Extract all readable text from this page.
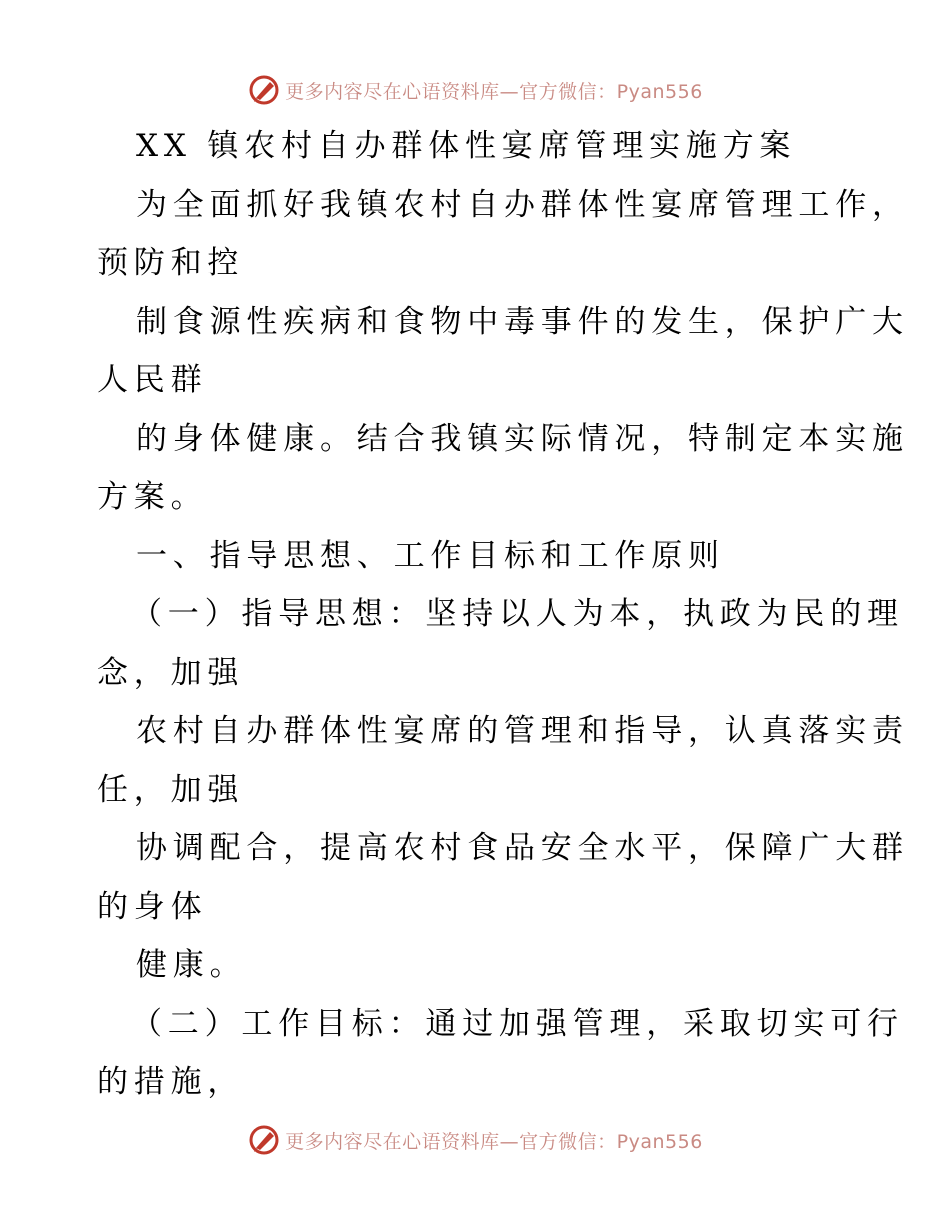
更多内容尽在心语资料库—官方微信：Pyan556
XX 镇农村自办群体性宴席管理实施方案
为全面抓好我镇农村自办群体性宴席管理工作，
预防和控
制食源性疾病和食物中毒事件的发生，保护广大
人民群
的身体健康。结合我镇实际情况，特制定本实施
方案。
一、指导思想、工作目标和工作原则
（一）指导思想：坚持以人为本，执政为民的理
念，加强
农村自办群体性宴席的管理和指导，认真落实责
任，加强
协调配合，提高农村食品安全水平，保障广大群
的身体
健康。
（二）工作目标：通过加强管理，采取切实可行
的措施，
更多内容尽在心语资料库—官方微信：Pyan556
